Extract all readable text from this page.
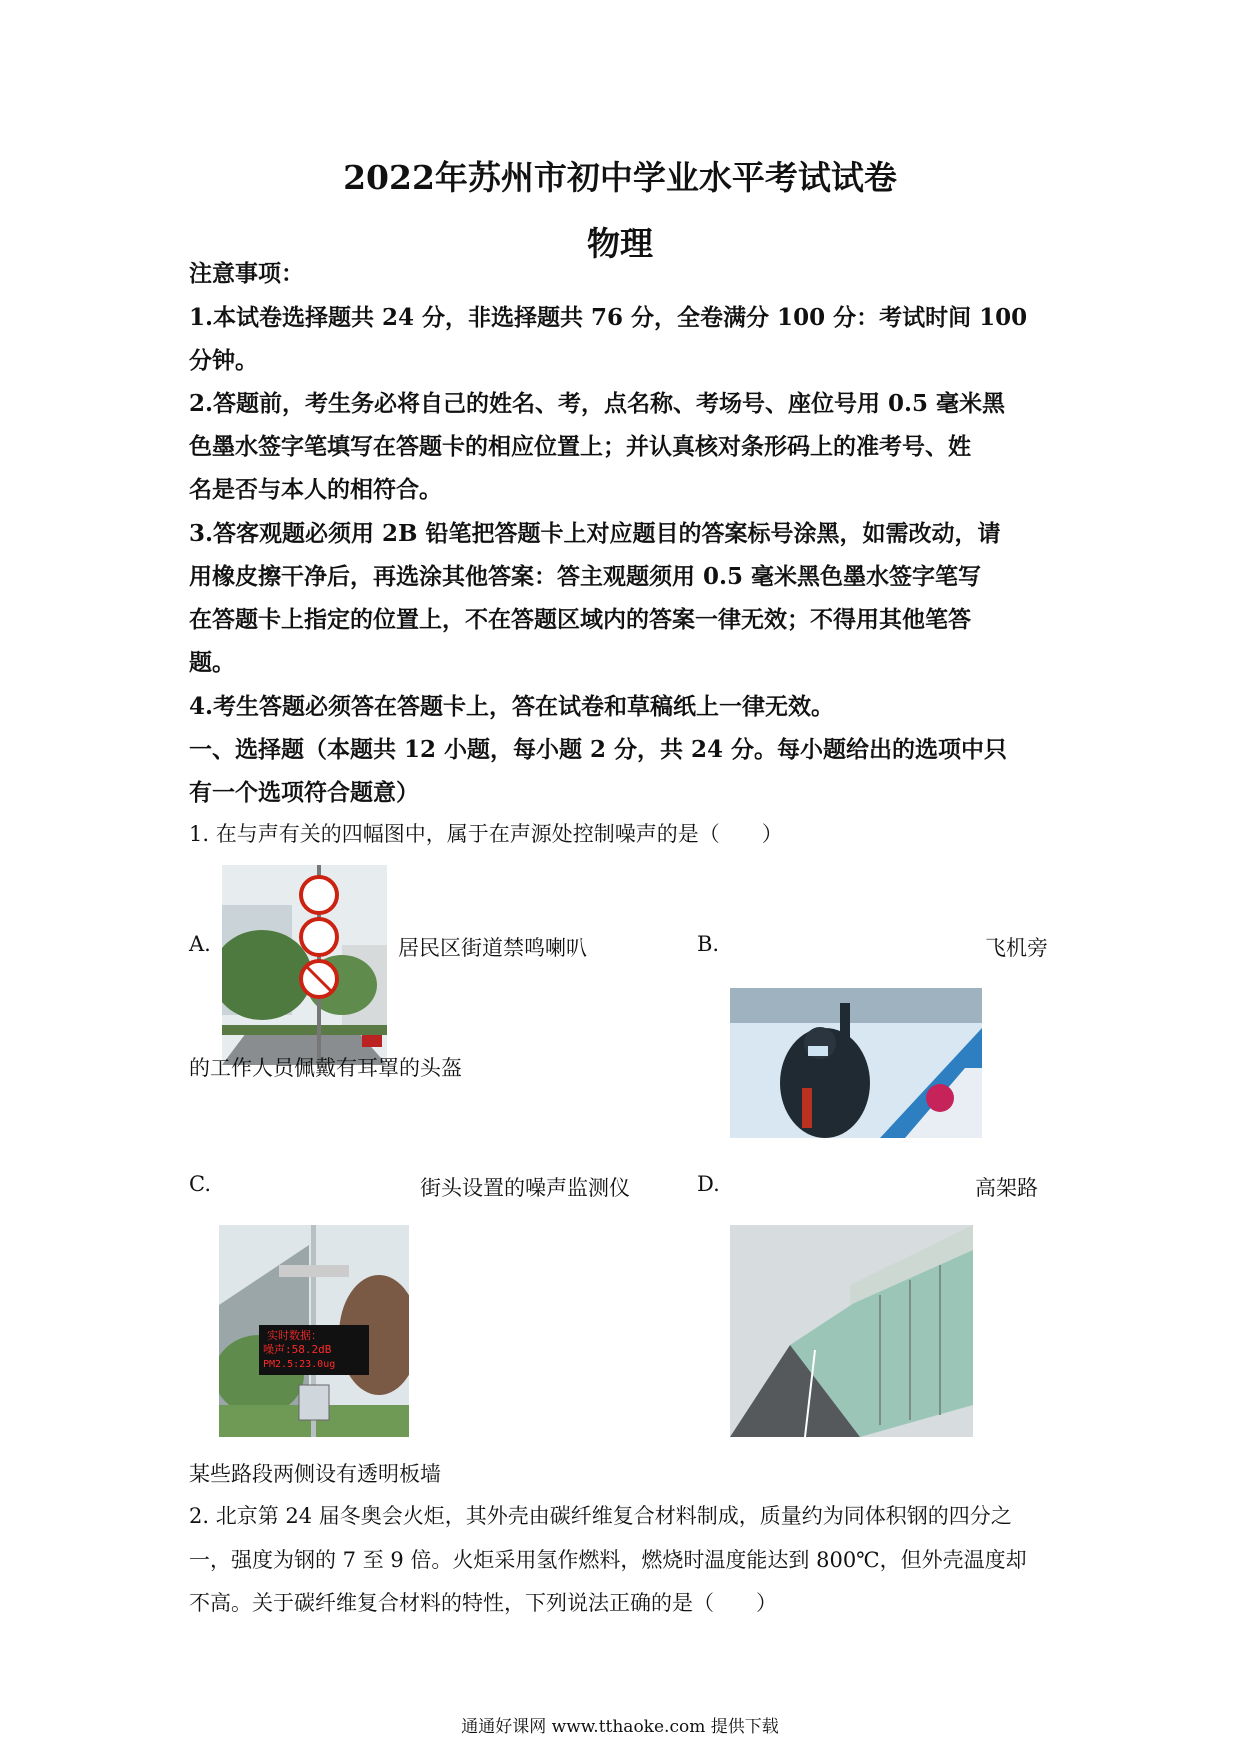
2022年苏州市初中学业水平考试试卷
物理
注意事项：
1.本试卷选择题共 24 分，非选择题共 76 分，全卷满分 100 分：考试时间 100
分钟。
2.答题前，考生务必将自己的姓名、考，点名称、考场号、座位号用 0.5 毫米黑
色墨水签字笔填写在答题卡的相应位置上；并认真核对条形码上的准考号、姓
名是否与本人的相符合。
3.答客观题必须用 2B 铅笔把答题卡上对应题目的答案标号涂黑，如需改动，请
用橡皮擦干净后，再选涂其他答案：答主观题须用 0.5 毫米黑色墨水签字笔写
在答题卡上指定的位置上，不在答题区域内的答案一律无效；不得用其他笔答
题。
4.考生答题必须答在答题卡上，答在试卷和草稿纸上一律无效。
一、选择题（本题共 12 小题，每小题 2 分，共 24 分。每小题给出的选项中只
有一个选项符合题意）
1. 在与声有关的四幅图中，属于在声源处控制噪声的是（　　）
A.	居民区街道禁鸣喇叭	B.	飞机旁
的工作人员佩戴有耳罩的头盔
C.
实时数据：
噪声:58.2dB
PM2.5:23.0ug
街头设置的噪声监测仪	D.	高架路
某些路段两侧设有透明板墙
2. 北京第 24 届冬奥会火炬，其外壳由碳纤维复合材料制成，质量约为同体积钢的四分之
一，强度为钢的 7 至 9 倍。火炬采用氢作燃料，燃烧时温度能达到 800℃，但外壳温度却
不高。关于碳纤维复合材料的特性，下列说法正确的是（　　）
通通好课网 www.tthaoke.com 提供下载
